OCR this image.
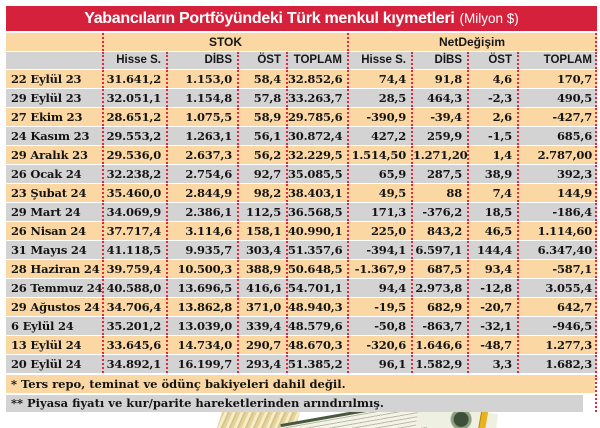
Yabancıların Portföyündeki Türk menkul kıymetleri (Milyon $)
STOK	NetDeğişim
Hisse S.	DİBS	ÖST	TOPLAM	Hisse S.	DİBS	ÖST	TOPLAM
22 Eylül 23	31.641,2	1.153,0	58,4 32.852,6	74,4	91,8	4,6	170,7
29 Eylül 23	32.051,1	1.154,8	57,8 33.263,7	28,5	464,3	-2,3	490,5
27 Ekim 23	28.651,2	1.075,5	58,9 29.785,6	-390,9	-39,4	2,6	-427,7
24 Kasım 23	29.553,2	1.263,1	56,1 30.872,4	427,2	259,9	-1,5	685,6
29 Aralık 23	29.536,0	2.637,3	56,2 32.229,5 1.514,50 1.271,20	1,4	2.787,00
26 Ocak 24	32.238,2	2.754,6	92,7 35.085,5	65,9	287,5	38,9	392,3
23 Şubat 24	35.460,0	2.844,9	98,2 38.403,1	49,5	88	7,4	144,9
29 Mart 24	34.069,9	2.386,1	112,5 36.568,5	171,3	-376,2	18,5	-186,4
26 Nisan 24	37.717,4	3.114,6	158,1 40.990,1	225,0	843,2	46,5	1.114,60
31 Mayıs 24	41.118,5	9.935,7	303,4 51.357,6	-394,1 6.597,1	144,4	6.347,40
28 Haziran 24 39.759,4	10.500,3	388,9 50.648,5	-1.367,9	687,5	93,4	-587,1
26 Temmuz 24 40.588,0	13.696,5	416,6 54.701,1	94,4 2.973,8	-12,8	3.055,4
29 Ağustos 24 34.706,4	13.862,8	371,0 48.940,3	-19,5	682,9	-20,7	642,7
6 Eylül 24	35.201,2	13.039,0	339,4 48.579,6	-50,8	-863,7	-32,1	-946,5
13 Eylül 24	33.645,6	14.734,0	290,7 48.670,3	-320,6 1.646,6	-48,7	1.277,3
20 Eylül 24	34.892,1	16.199,7	293,4 51.385,2	96,1 1.582,9	3,3	1.682,3
* Ters repo, teminat ve ödünç bakiyeleri dahil değil.
** Piyasa fiyatı ve kur/parite hareketlerinden arındırılmış.
